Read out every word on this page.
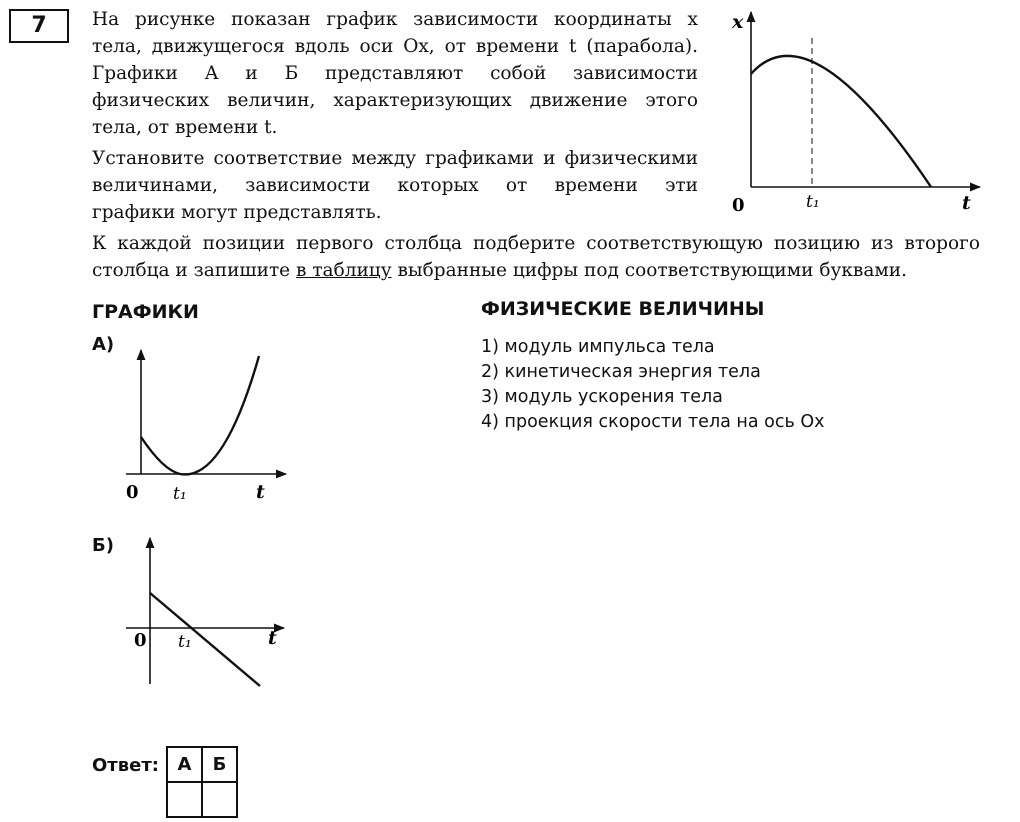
7	На рисунке показан график зависимости координаты x
тела, движущегося вдоль оси Ox, от времени t (парабола).
Графики А и Б представляют собой зависимости
физических величин, характеризующих движение этого
тела, от времени t.
Установите соответствие между графиками и физическими
величинами, зависимости которых от времени эти
графики могут представлять.
К каждой позиции первого столбца подберите соответствующую позицию из второго
столбца и запишите в таблицу выбранные цифры под соответствующими буквами.
x
0	t₁	t
ГРАФИКИ	ФИЗИЧЕСКИЕ ВЕЛИЧИНЫ
А)
0 t₁	t
Б)
0 t₁	t
1) модуль импульса тела
2) кинетическая энергия тела
3) модуль ускорения тела
4) проекция скорости тела на ось Ox
Ответ: А	Б
